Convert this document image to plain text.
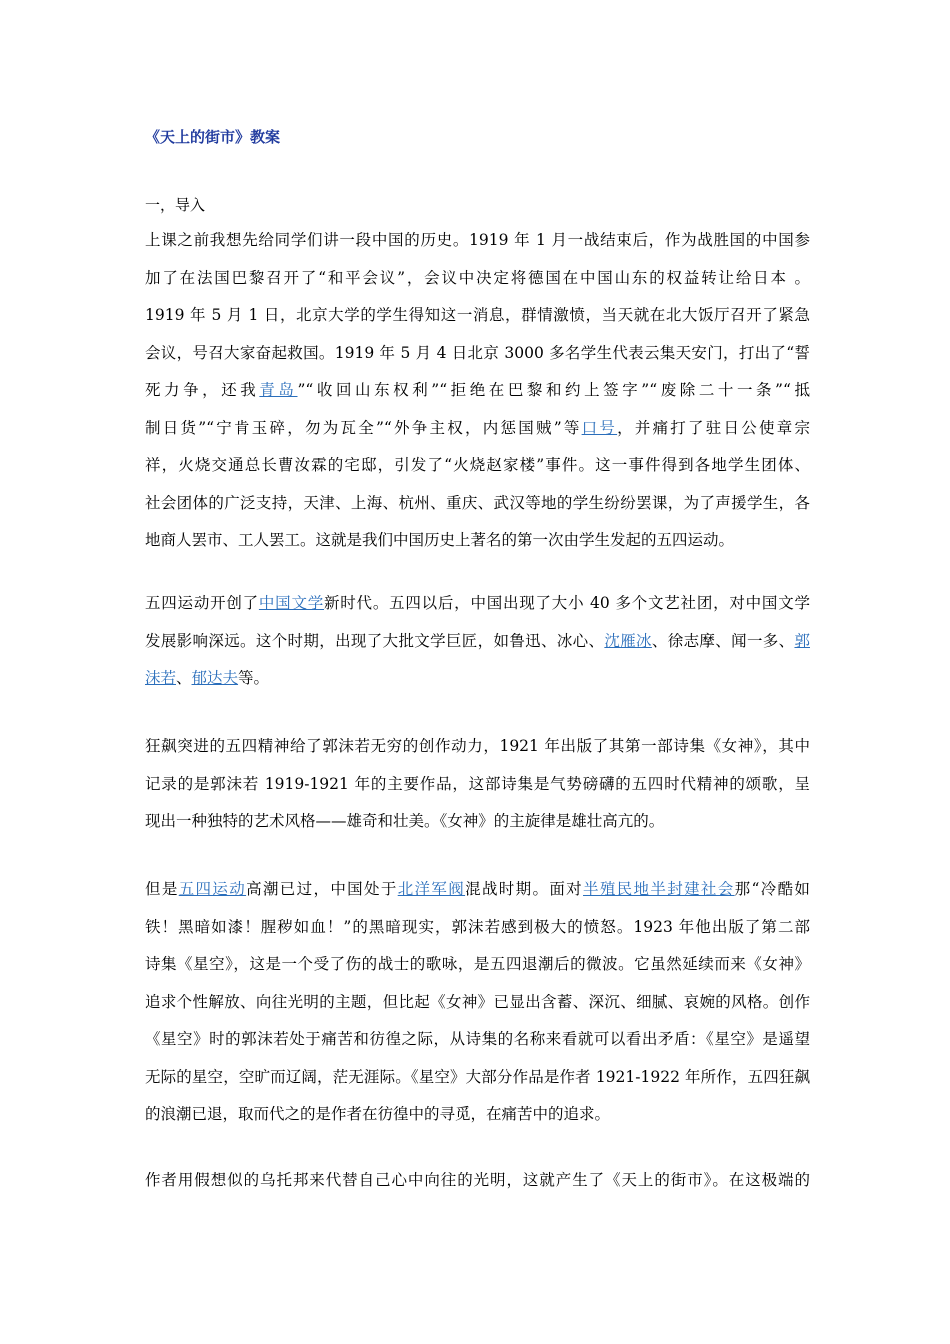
《天上的街市》教案
一，导入
上课之前我想先给同学们讲一段中国的历史。1919 年 1 月一战结束后，作为战胜国的中国参
加了在法国巴黎召开了“和平会议”，会议中决定将德国在中国山东的权益转让给日本 。
1919 年 5 月 1 日，北京大学的学生得知这一消息，群情激愤，当天就在北大饭厅召开了紧急
会议，号召大家奋起救国。1919 年 5 月 4 日北京 3000 多名学生代表云集天安门，打出了“誓
死力争，还我青岛”“收回山东权利”“拒绝在巴黎和约上签字”“废除二十一条”“抵
制日货”“宁肯玉碎，勿为瓦全”“外争主权，内惩国贼”等口号，并痛打了驻日公使章宗
祥，火烧交通总长曹汝霖的宅邸，引发了“火烧赵家楼”事件。这一事件得到各地学生团体、
社会团体的广泛支持，天津、上海、杭州、重庆、武汉等地的学生纷纷罢课，为了声援学生，各
地商人罢市、工人罢工。这就是我们中国历史上著名的第一次由学生发起的五四运动。
五四运动开创了中国文学新时代。五四以后，中国出现了大小 40 多个文艺社团，对中国文学
发展影响深远。这个时期，出现了大批文学巨匠，如鲁迅、冰心、沈雁冰、徐志摩、闻一多、郭
沫若、郁达夫等。
狂飙突进的五四精神给了郭沫若无穷的创作动力，1921 年出版了其第一部诗集《女神》，其中
记录的是郭沫若 1919-1921 年的主要作品，这部诗集是气势磅礴的五四时代精神的颂歌，呈
现出一种独特的艺术风格——雄奇和壮美。《女神》的主旋律是雄壮高亢的。
但是五四运动高潮已过，中国处于北洋军阀混战时期。面对半殖民地半封建社会那“冷酷如
铁！黑暗如漆！腥秽如血！”的黑暗现实，郭沫若感到极大的愤怒。1923 年他出版了第二部
诗集《星空》，这是一个受了伤的战士的歌咏，是五四退潮后的微波。它虽然延续而来《女神》
追求个性解放、向往光明的主题，但比起《女神》已显出含蓄、深沉、细腻、哀婉的风格。创作
《星空》时的郭沫若处于痛苦和彷徨之际，从诗集的名称来看就可以看出矛盾：《星空》是遥望
无际的星空，空旷而辽阔，茫无涯际。《星空》大部分作品是作者 1921-1922 年所作，五四狂飙
的浪潮已退，取而代之的是作者在彷徨中的寻觅，在痛苦中的追求。
作者用假想似的乌托邦来代替自己心中向往的光明，这就产生了《天上的街市》。在这极端的
